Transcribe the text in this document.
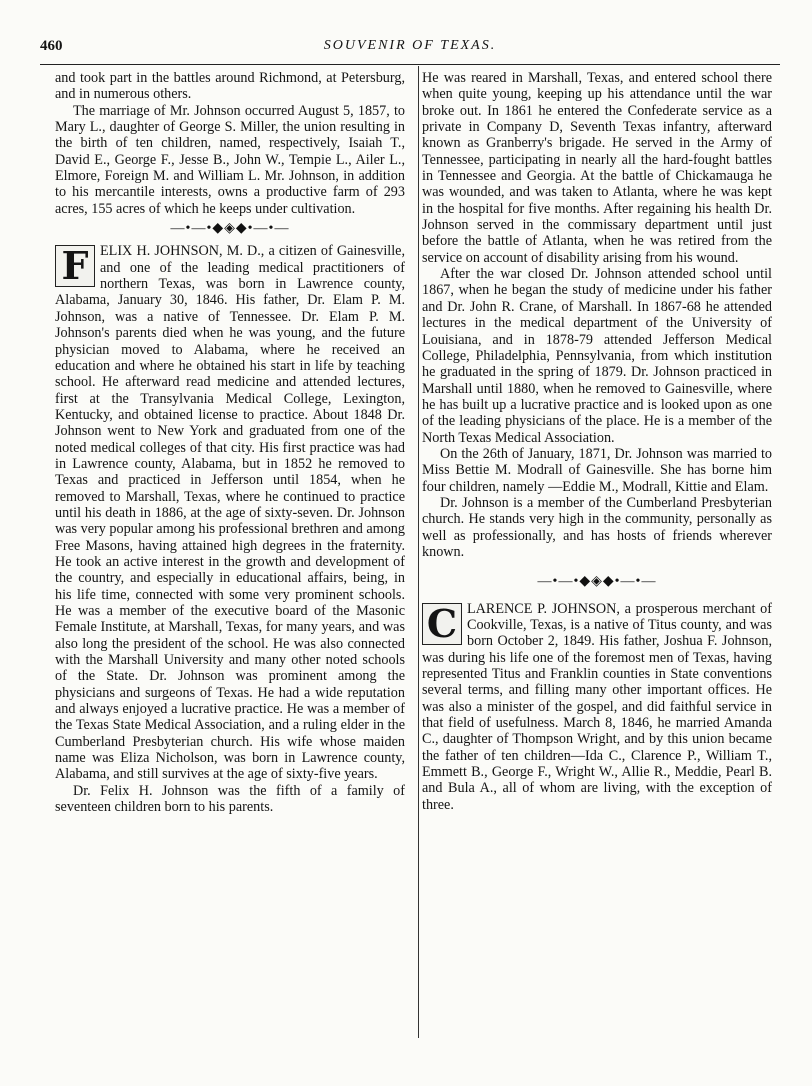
460	SOUVENIR OF TEXAS.

and took part in the battles around Richmond, at Petersburg, and in numerous others.

The marriage of Mr. Johnson occurred August 5, 1857, to Mary L., daughter of George S. Miller, the union resulting in the birth of ten children, named, respectively, Isaiah T., David E., George F., Jesse B., John W., Tempie L., Ailer L., Elmore, Foreign M. and William L. Mr. Johnson, in addition to his mercantile interests, owns a productive farm of 293 acres, 155 acres of which he keeps under cultivation.

—•—•◆◈◆•—•—
F ELIX H. JOHNSON, M. D., a citizen of Gainesville, and one of the leading medical practitioners of northern Texas, was born in Lawrence county, Alabama, January 30, 1846. His father, Dr. Elam P. M. Johnson, was a native of Tennessee. Dr. Elam P. M. Johnson's parents died when he was young, and the future physician moved to Alabama, where he received an education and where he obtained his start in life by teaching school. He afterward read medicine and attended lectures, first at the Transylvania Medical College, Lexington, Kentucky, and obtained license to practice. About 1848 Dr. Johnson went to New York and graduated from one of the noted medical colleges of that city. His first practice was had in Lawrence county, Alabama, but in 1852 he removed to Texas and practiced in Jefferson until 1854, when he removed to Marshall, Texas, where he continued to practice until his death in 1886, at the age of sixty-seven. Dr. Johnson was very popular among his professional brethren and among Free Masons, having attained high degrees in the fraternity. He took an active interest in the growth and development of the country, and especially in educational affairs, being, in his life time, connected with some very prominent schools. He was a member of the executive board of the Masonic Female Institute, at Marshall, Texas, for many years, and was also long the president of the school. He was also connected with the Marshall University and many other noted schools of the State. Dr. Johnson was prominent among the physicians and surgeons of Texas. He had a wide reputation and always enjoyed a lucrative practice. He was a member of the Texas State Medical Association, and a ruling elder in the Cumberland Presbyterian church. His wife whose maiden name was Eliza Nicholson, was born in Lawrence county, Alabama, and still survives at the age of sixty-five years.

Dr. Felix H. Johnson was the fifth of a family of seventeen children born to his parents.

He was reared in Marshall, Texas, and entered school there when quite young, keeping up his attendance until the war broke out. In 1861 he entered the Confederate service as a private in Company D, Seventh Texas infantry, afterward known as Granberry's brigade. He served in the Army of Tennessee, participating in nearly all the hard-fought battles in Tennessee and Georgia. At the battle of Chickamauga he was wounded, and was taken to Atlanta, where he was kept in the hospital for five months. After regaining his health Dr. Johnson served in the commissary department until just before the battle of Atlanta, when he was retired from the service on account of disability arising from his wound.

After the war closed Dr. Johnson attended school until 1867, when he began the study of medicine under his father and Dr. John R. Crane, of Marshall. In 1867-68 he attended lectures in the medical department of the University of Louisiana, and in 1878-79 attended Jefferson Medical College, Philadelphia, Pennsylvania, from which institution he graduated in the spring of 1879. Dr. Johnson practiced in Marshall until 1880, when he removed to Gainesville, where he has built up a lucrative practice and is looked upon as one of the leading physicians of the place. He is a member of the North Texas Medical Association.

On the 26th of January, 1871, Dr. Johnson was married to Miss Bettie M. Modrall of Gainesville. She has borne him four children, namely —Eddie M., Modrall, Kittie and Elam.

Dr. Johnson is a member of the Cumberland Presbyterian church. He stands very high in the community, personally as well as professionally, and has hosts of friends wherever known.

—•—•◆◈◆•—•—
C LARENCE P. JOHNSON, a prosperous merchant of Cookville, Texas, is a native of Titus county, and was born October 2, 1849. His father, Joshua F. Johnson, was during his life one of the foremost men of Texas, having represented Titus and Franklin counties in State conventions several terms, and filling many other important offices. He was also a minister of the gospel, and did faithful service in that field of usefulness. March 8, 1846, he married Amanda C., daughter of Thompson Wright, and by this union became the father of ten children—Ida C., Clarence P., William T., Emmett B., George F., Wright W., Allie R., Meddie, Pearl B. and Bula A., all of whom are living, with the exception of three.
